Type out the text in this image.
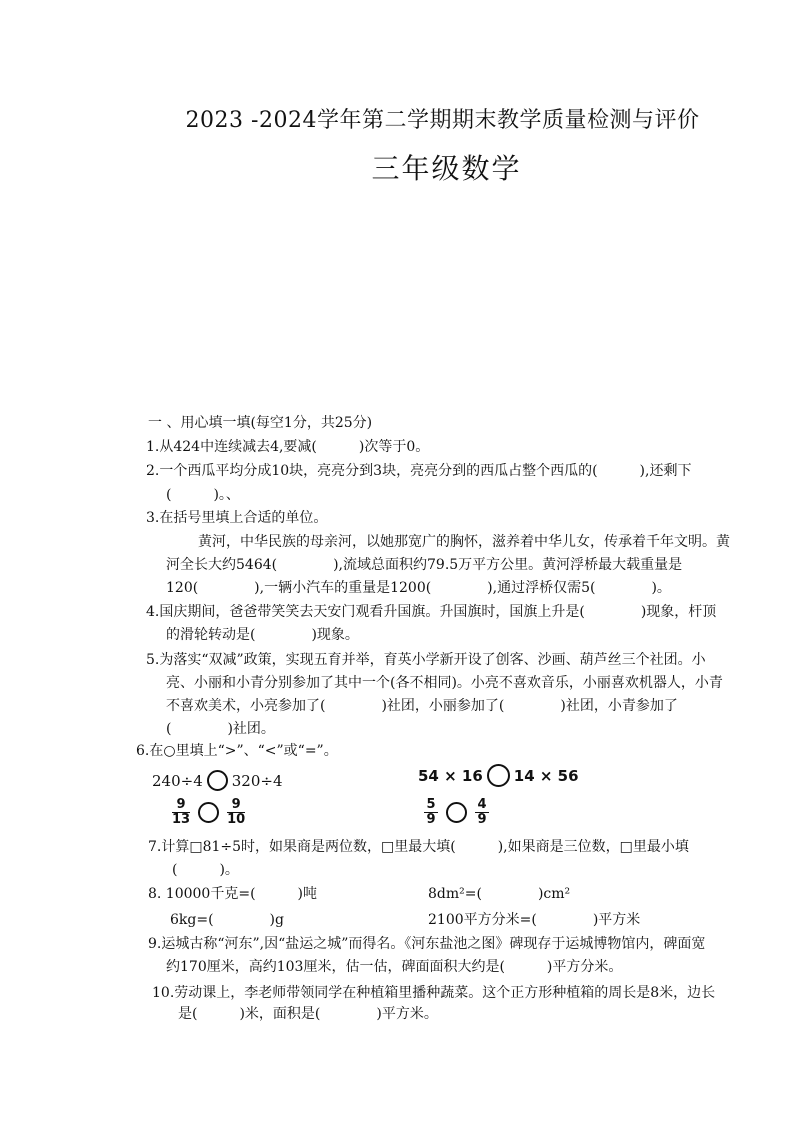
2023 -2024学年第二学期期末教学质量检测与评价
三年级数学
一 、用心填一填(每空1分，共25分)
1.从424中连续减去4,要减(　　　)次等于0。
2.一个西瓜平均分成10块，亮亮分到3块，亮亮分到的西瓜占整个西瓜的(　　　),还剩下
(　　　)。、
3.在括号里填上合适的单位。
黄河，中华民族的母亲河，以她那宽广的胸怀，滋养着中华儿女，传承着千年文明。黄
河全长大约5464(　　　　),流域总面积约79.5万平方公里。黄河浮桥最大载重量是
120(　　　　),一辆小汽车的重量是1200(　　　　),通过浮桥仅需5(　　　　)。
4.国庆期间，爸爸带笑笑去天安门观看升国旗。升国旗时，国旗上升是(　　　　)现象，杆顶
的滑轮转动是(　　　　)现象。
5.为落实“双减”政策，实现五育并举，育英小学新开设了创客、沙画、葫芦丝三个社团。小
亮、小丽和小青分别参加了其中一个(各不相同)。小亮不喜欢音乐，小丽喜欢机器人，小青
不喜欢美术，小亮参加了(　　　　)社团，小丽参加了(　　　　)社团，小青参加了
(　　　　)社团。
6.在○里填上“>”、“<”或“=”。
240÷4 320÷4	54 × 16 14 × 56
$\frac{9}{13}$	$\frac{9}{10}$	$\frac{5}{9}$	$\frac{4}{9}$
7.计算□81÷5时，如果商是两位数，□里最大填(　　　),如果商是三位数，□里最小填
(　　　)。
8. 10000千克=(　　　)吨	8dm²=(　　　　)cm²
6kg=(　　　　)g	2100平方分米=(　　　　)平方米
9.运城古称“河东”,因“盐运之城”而得名。《河东盐池之图》碑现存于运城博物馆内，碑面宽
约170厘米，高约103厘米，估一估，碑面面积大约是(　　　)平方分米。
10.劳动课上，李老师带领同学在种植箱里播种蔬菜。这个正方形种植箱的周长是8米，边长
是(　　　)米，面积是(　　　　)平方米。
